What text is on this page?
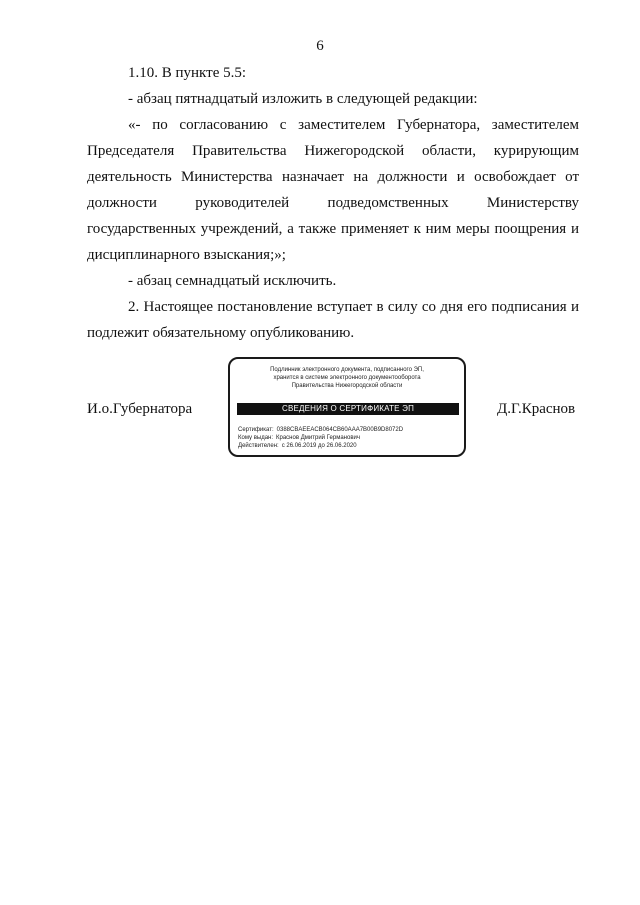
6
1.10. В пункте 5.5:
- абзац пятнадцатый изложить в следующей редакции:
«- по согласованию с заместителем Губернатора, заместителем
Председателя Правительства Нижегородской области, курирующим
деятельность Министерства назначает на должности и освобождает от
должности руководителей подведомственных Министерству
государственных учреждений, а также применяет к ним меры поощрения и
дисциплинарного взыскания;»;
- абзац семнадцатый исключить.
2. Настоящее постановление вступает в силу со дня его подписания и
подлежит обязательному опубликованию.
И.о.Губернатора
Подлинник электронного документа, подписанного ЭП,
хранится в системе электронного документооборота
Правительства Нижегородской области
СВЕДЕНИЯ О СЕРТИФИКАТЕ ЭП
Сертификат: 0388CBAEEACB064CB60AAA7B00B9D8072D
Кому выдан: Краснов Дмитрий Германович
Действителен: с 26.06.2019 до 26.06.2020
Д.Г.Краснов
